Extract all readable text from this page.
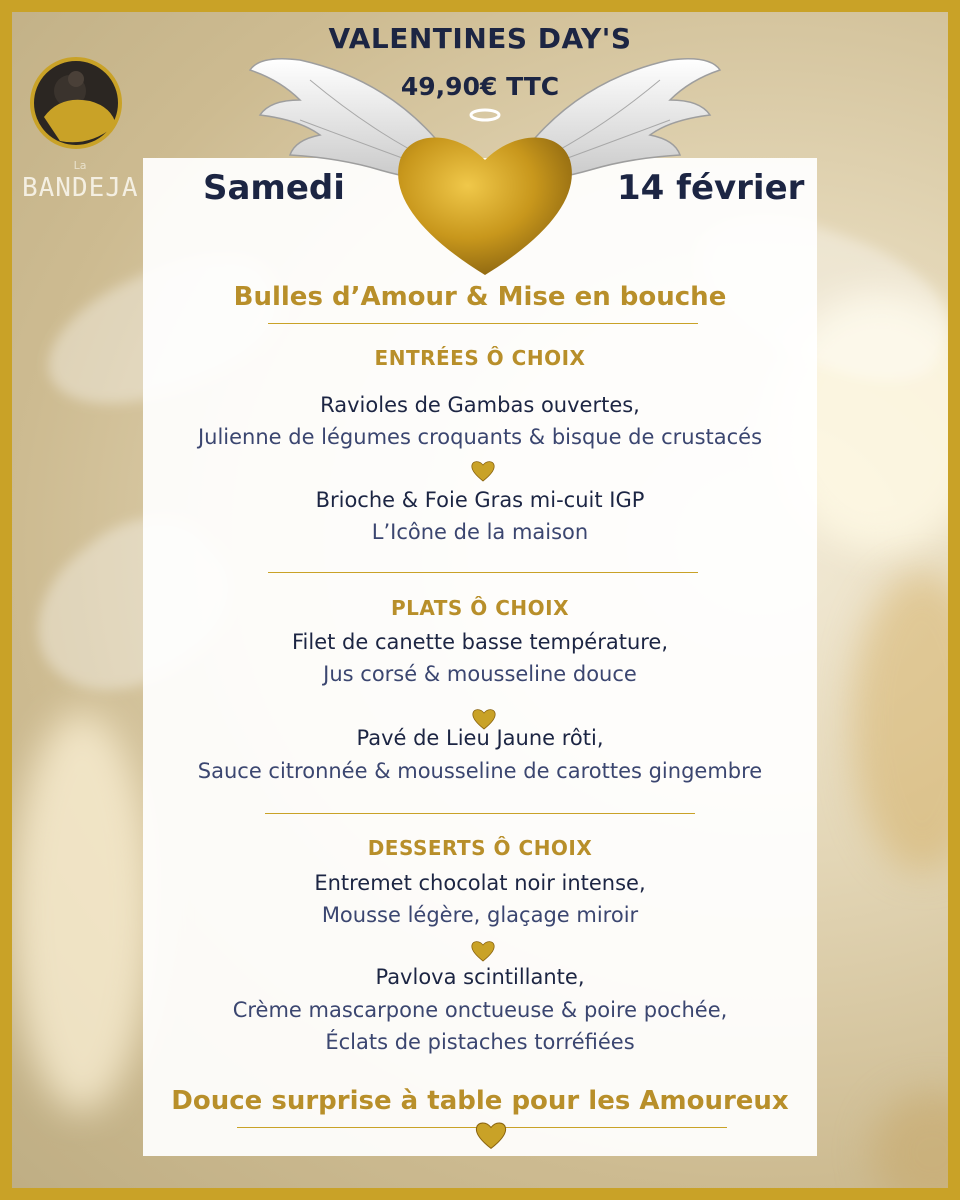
La
BANDEJA

VALENTINES DAY'S

49,90€ TTC

Samedi	14 février

Bulles d’Amour & Mise en bouche

ENTRÉES Ô CHOIX

Ravioles de Gambas ouvertes,

Julienne de légumes croquants & bisque de crustacés

Brioche & Foie Gras mi-cuit IGP

L’Icône de la maison

PLATS Ô CHOIX

Filet de canette basse température,

Jus corsé & mousseline douce

Pavé de Lieu Jaune rôti,

Sauce citronnée & mousseline de carottes gingembre

DESSERTS Ô CHOIX

Entremet chocolat noir intense,

Mousse légère, glaçage miroir

Pavlova scintillante,

Crème mascarpone onctueuse & poire pochée,

Éclats de pistaches torréfiées

Douce surprise à table pour les Amoureux
